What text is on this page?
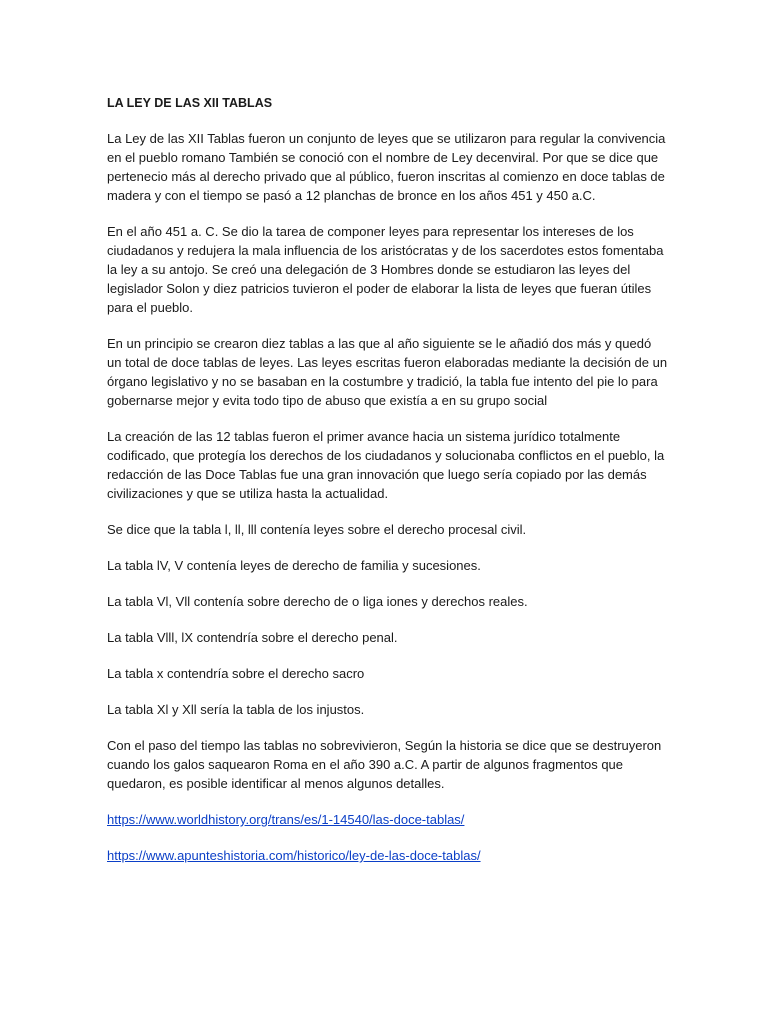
LA LEY DE LAS XII TABLAS

La Ley de las XII Tablas fueron un conjunto de leyes que se utilizaron para regular la convivencia en el pueblo romano También se conoció con el nombre de Ley decenviral. Por que se dice que pertenecio más al derecho privado que al público, fueron inscritas al comienzo en doce tablas de madera y con el tiempo se pasó a 12 planchas de bronce en los años 451 y 450 a.C.

En el año 451 a. C. Se dio la tarea de componer leyes para representar los intereses de los ciudadanos y redujera la mala influencia de los aristócratas y de los sacerdotes estos fomentaba la ley a su antojo. Se creó una delegación de 3 Hombres donde se estudiaron las leyes del legislador Solon y diez patricios tuvieron el poder de elaborar la lista de leyes que fueran útiles para el pueblo.

En un principio se crearon diez tablas a las que al año siguiente se le añadió dos más y quedó un total de doce tablas de leyes. Las leyes escritas fueron elaboradas mediante la decisión de un órgano legislativo y no se basaban en la costumbre y tradició, la tabla fue intento del pie lo para gobernarse mejor y evita todo tipo de abuso que existía a en su grupo social

La creación de las 12 tablas fueron el primer avance hacia un sistema jurídico totalmente codificado, que protegía los derechos de los ciudadanos y solucionaba conflictos en el pueblo, la redacción de las Doce Tablas fue una gran innovación que luego sería copiado por las demás civilizaciones y que se utiliza hasta la actualidad.

Se dice que la tabla l, ll, lll contenía leyes sobre el derecho procesal civil.

La tabla lV, V contenía leyes de derecho de familia y sucesiones.

La tabla Vl, Vll contenía sobre derecho de o liga iones y derechos reales.

La tabla Vlll, lX contendría sobre el derecho penal.

La tabla x contendría sobre el derecho sacro

La tabla Xl y Xll sería la tabla de los injustos.

Con el paso del tiempo las tablas no sobrevivieron, Según la historia se dice que se destruyeron cuando los galos saquearon Roma en el año 390 a.C. A partir de algunos fragmentos que quedaron, es posible identificar al menos algunos detalles.

https://www.worldhistory.org/trans/es/1-14540/las-doce-tablas/
https://www.apunteshistoria.com/historico/ley-de-las-doce-tablas/
